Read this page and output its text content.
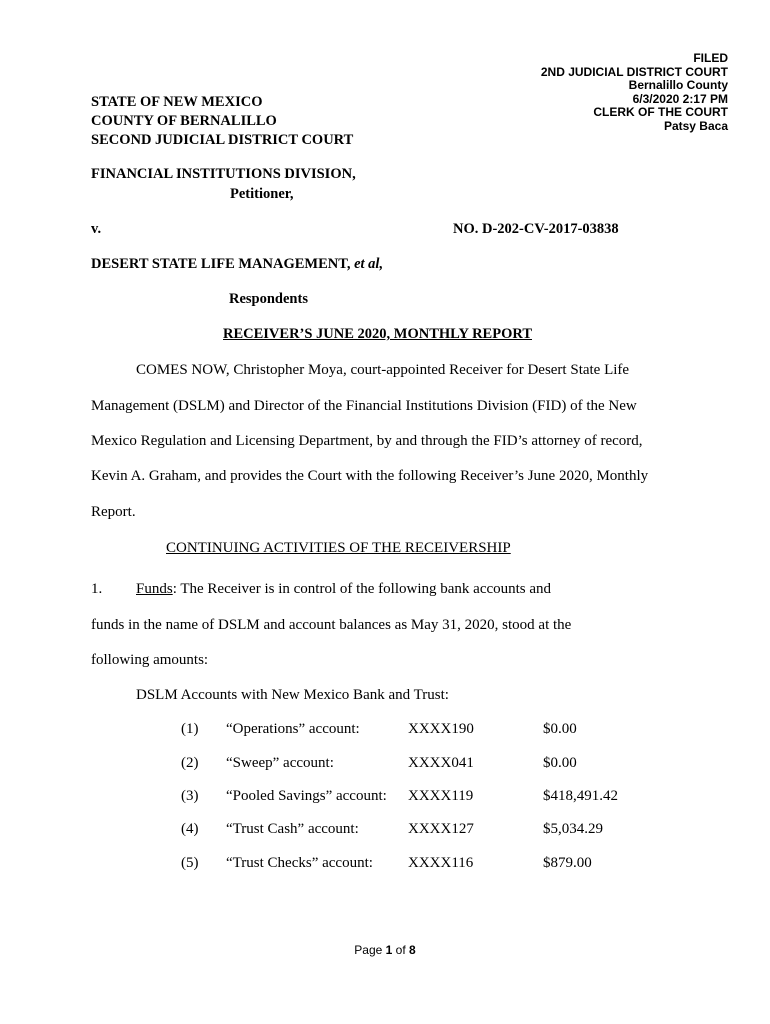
FILED
2ND JUDICIAL DISTRICT COURT
Bernalillo County
6/3/2020 2:17 PM
CLERK OF THE COURT
Patsy Baca
STATE OF NEW MEXICO
COUNTY OF BERNALILLO
SECOND JUDICIAL DISTRICT COURT
FINANCIAL INSTITUTIONS DIVISION,
Petitioner,
v.	NO. D-202-CV-2017-03838
DESERT STATE LIFE MANAGEMENT, et al,
Respondents
RECEIVER’S JUNE 2020, MONTHLY REPORT
COMES NOW, Christopher Moya, court-appointed Receiver for Desert State Life
Management (DSLM) and Director of the Financial Institutions Division (FID) of the New
Mexico Regulation and Licensing Department, by and through the FID’s attorney of record,
Kevin A. Graham, and provides the Court with the following Receiver’s June 2020, Monthly
Report.
CONTINUING ACTIVITIES OF THE RECEIVERSHIP
1. Funds: The Receiver is in control of the following bank accounts and
funds in the name of DSLM and account balances as May 31, 2020, stood at the
following amounts:
DSLM Accounts with New Mexico Bank and Trust:
(1) “Operations” account:	XXXX190	$0.00
(2) “Sweep” account:	XXXX041	$0.00
(3) “Pooled Savings” account: XXXX119	$418,491.42
(4) “Trust Cash” account:	XXXX127	$5,034.29
(5) “Trust Checks” account: XXXX116	$879.00
Page 1 of 8
